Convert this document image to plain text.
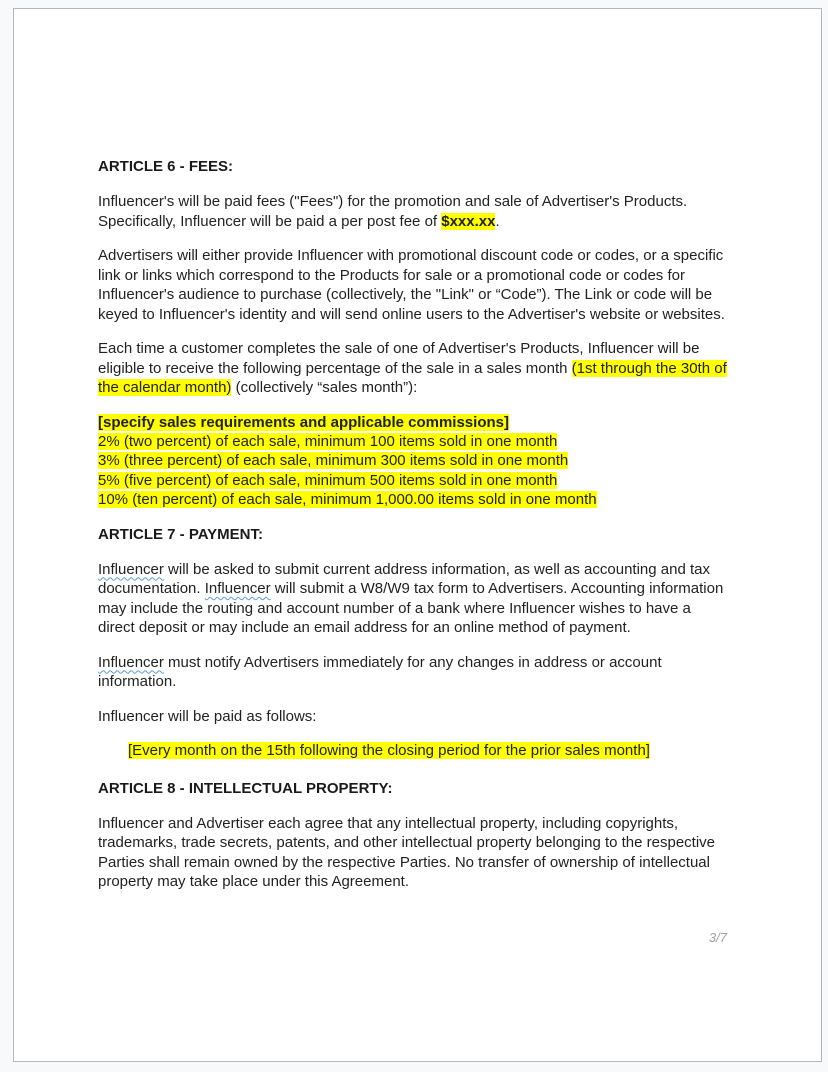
ARTICLE 6 - FEES:

Influencer's will be paid fees ("Fees") for the promotion and sale of Advertiser's Products. Specifically, Influencer will be paid a per post fee of $xxx.xx.

Advertisers will either provide Influencer with promotional discount code or codes, or a specific link or links which correspond to the Products for sale or a promotional code or codes for Influencer's audience to purchase (collectively, the "Link" or “Code”). The Link or code will be keyed to Influencer's identity and will send online users to the Advertiser's website or websites.

Each time a customer completes the sale of one of Advertiser's Products, Influencer will be eligible to receive the following percentage of the sale in a sales month (1st through the 30th of the calendar month) (collectively “sales month”):

[specify sales requirements and applicable commissions]
2% (two percent) of each sale, minimum 100 items sold in one month
3% (three percent) of each sale, minimum 300 items sold in one month
5% (five percent) of each sale, minimum 500 items sold in one month
10% (ten percent) of each sale, minimum 1,000.00 items sold in one month
ARTICLE 7 - PAYMENT:

Influencer will be asked to submit current address information, as well as accounting and tax documentation. Influencer will submit a W8/W9 tax form to Advertisers. Accounting information may include the routing and account number of a bank where Influencer wishes to have a direct deposit or may include an email address for an online method of payment.

Influencer must notify Advertisers immediately for any changes in address or account information.

Influencer will be paid as follows:

[Every month on the 15th following the closing period for the prior sales month]
ARTICLE 8 - INTELLECTUAL PROPERTY:

Influencer and Advertiser each agree that any intellectual property, including copyrights, trademarks, trade secrets, patents, and other intellectual property belonging to the respective Parties shall remain owned by the respective Parties. No transfer of ownership of intellectual property may take place under this Agreement.

3/7
